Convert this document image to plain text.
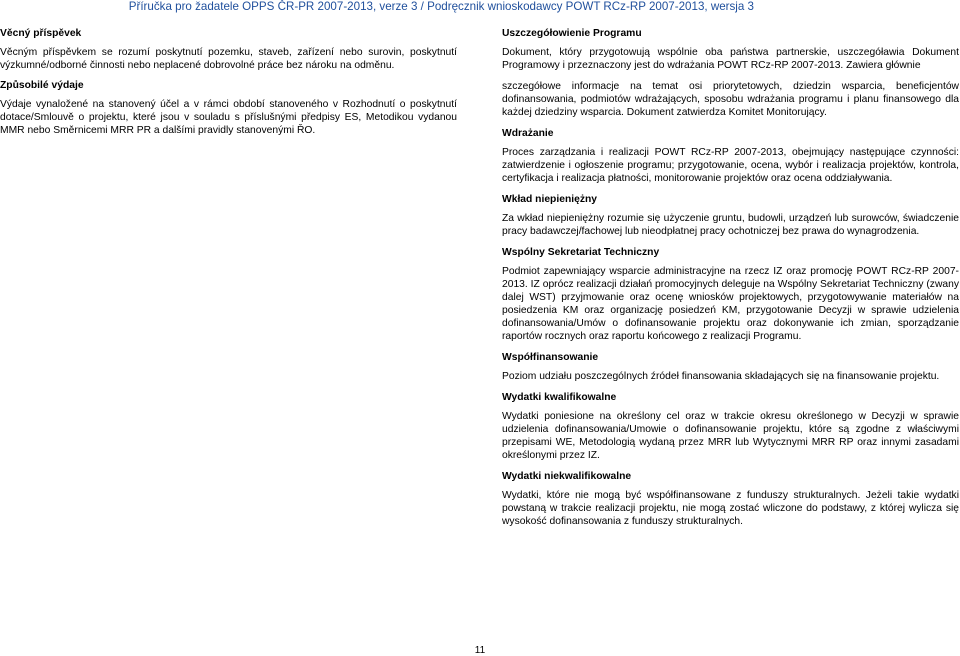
Příručka pro žadatele OPPS ČR-PR 2007-2013, verze 3 / Podręcznik wnioskodawcy POWT RCz-RP 2007-2013, wersja 3
Věcný příspěvek
Věcným příspěvkem se rozumí poskytnutí pozemku, staveb, zařízení nebo surovin, poskytnutí výzkumné/odborné činnosti nebo neplacené dobrovolné práce bez nároku na odměnu.
Způsobilé výdaje
Výdaje vynaložené na stanovený účel a v rámci období stanoveného v Rozhodnutí o poskytnutí dotace/Smlouvě o projektu, které jsou v souladu s příslušnými předpisy ES, Metodikou vydanou MMR nebo Směrnicemi MRR PR a dalšími pravidly stanovenými ŘO.
Uszczegółowienie Programu
Dokument, który przygotowują wspólnie oba państwa partnerskie, uszczegóławia Dokument Programowy i przeznaczony jest do wdrażania POWT RCz-RP 2007-2013. Zawiera głównie
szczegółowe informacje na temat osi priorytetowych, dziedzin wsparcia, beneficjentów dofinansowania, podmiotów wdrażających, sposobu wdrażania programu i planu finansowego dla każdej dziedziny wsparcia. Dokument zatwierdza Komitet Monitorujący.
Wdrażanie
Proces zarządzania i realizacji POWT RCz-RP 2007-2013, obejmujący następujące czynności: zatwierdzenie i ogłoszenie programu; przygotowanie, ocena, wybór i realizacja projektów, kontrola, certyfikacja i realizacja płatności, monitorowanie projektów oraz ocena oddziaływania.
Wkład niepieniężny
Za wkład niepieniężny rozumie się użyczenie gruntu, budowli, urządzeń lub surowców, świadczenie pracy badawczej/fachowej lub nieodpłatnej pracy ochotniczej bez prawa do wynagrodzenia.
Wspólny Sekretariat Techniczny
Podmiot zapewniający wsparcie administracyjne na rzecz IZ oraz promocję POWT RCz-RP 2007-2013. IZ oprócz realizacji działań promocyjnych deleguje na Wspólny Sekretariat Techniczny (zwany dalej WST) przyjmowanie oraz ocenę wniosków projektowych, przygotowywanie materiałów na posiedzenia KM oraz organizację posiedzeń KM, przygotowanie Decyzji w sprawie udzielenia dofinansowania/Umów o dofinansowanie projektu oraz dokonywanie ich zmian, sporządzanie raportów rocznych oraz raportu końcowego z realizacji Programu.
Współfinansowanie
Poziom udziału poszczególnych źródeł finansowania składających się na finansowanie projektu.
Wydatki kwalifikowalne
Wydatki poniesione na określony cel oraz w trakcie okresu określonego w Decyzji w sprawie udzielenia dofinansowania/Umowie o dofinansowanie projektu, które są zgodne z właściwymi przepisami WE, Metodologią wydaną przez MRR lub Wytycznymi MRR RP oraz innymi zasadami określonymi przez IZ.
Wydatki niekwalifikowalne
Wydatki, które nie mogą być współfinansowane z funduszy strukturalnych. Jeżeli takie wydatki powstaną w trakcie realizacji projektu, nie mogą zostać wliczone do podstawy, z której wylicza się wysokość dofinansowania z funduszy strukturalnych.
11
